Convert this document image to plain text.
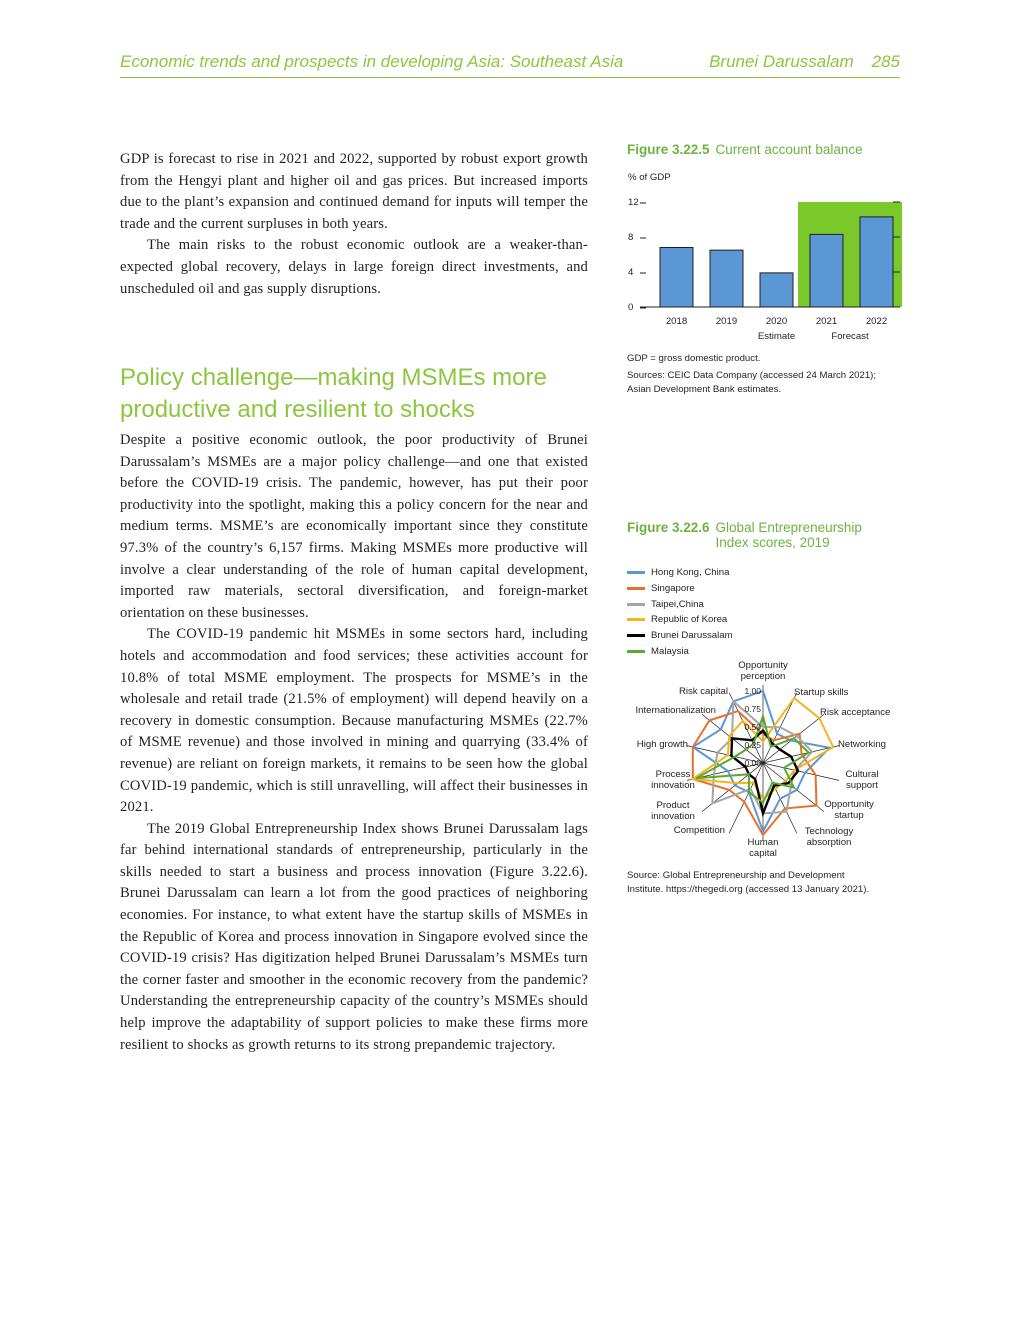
Economic trends and prospects in developing Asia: Southeast Asia	Brunei Darussalam 285

GDP is forecast to rise in 2021 and 2022, supported by robust export growth from the Hengyi plant and higher oil and gas prices. But increased imports due to the plant’s expansion and continued demand for inputs will temper the trade and the current surpluses in both years.

The main risks to the robust economic outlook are a weaker-than-expected global recovery, delays in large foreign direct investments, and unscheduled oil and gas supply disruptions.

Policy challenge—making MSMEs more productive and resilient to shocks

Despite a positive economic outlook, the poor productivity of Brunei Darussalam’s MSMEs are a major policy challenge—and one that existed before the COVID-19 crisis. The pandemic, however, has put their poor productivity into the spotlight, making this a policy concern for the near and medium terms. MSME’s are economically important since they constitute 97.3% of the country’s 6,157 firms. Making MSMEs more productive will involve a clear understanding of the role of human capital development, imported raw materials, sectoral diversification, and foreign-market orientation on these businesses.

The COVID-19 pandemic hit MSMEs in some sectors hard, including hotels and accommodation and food services; these activities account for 10.8% of total MSME employment. The prospects for MSME’s in the wholesale and retail trade (21.5% of employment) will depend heavily on a recovery in domestic consumption. Because manufacturing MSMEs (22.7% of MSME revenue) and those involved in mining and quarrying (33.4% of revenue) are reliant on foreign markets, it remains to be seen how the global COVID-19 pandemic, which is still unravelling, will affect their businesses in 2021.

The 2019 Global Entrepreneurship Index shows Brunei Darussalam lags far behind international standards of entrepreneurship, particularly in the skills needed to start a business and process innovation (Figure 3.22.6). Brunei Darussalam can learn a lot from the good practices of neighboring economies. For instance, to what extent have the startup skills of MSMEs in the Republic of Korea and process innovation in Singapore evolved since the COVID-19 crisis? Has digitization helped Brunei Darussalam’s MSMEs turn the corner faster and smoother in the economic recovery from the pandemic? Understanding the entrepreneurship capacity of the country’s MSMEs should help improve the adaptability of support policies to make these firms more resilient to shocks as growth returns to its strong prepandemic trajectory.

Figure 3.22.5 Current account balance
% of GDP
0
4
8
12
2018	2019	2020	2021	2022
Estimate	Forecast
GDP = gross domestic product.
Sources: CEIC Data Company (accessed 24 March 2021);
Asian Development Bank estimates.
Figure 3.22.6 Global Entrepreneurship
Index scores, 2019
Hong Kong, China
Singapore
Taipei,China
Republic of Korea
Brunei Darussalam
Malaysia
0.00
0.25
0.50
0.75
1.00
Opportunity perception
Startup skills
Risk acceptance
Networking
Cultural support
Opportunity startup
Technology absorption
Human capital
Competition
Product innovation
Process innovation
High growth
Internationalization
Risk capital
Source: Global Entrepreneurship and Development
Institute. https://thegedi.org (accessed 13 January 2021).
